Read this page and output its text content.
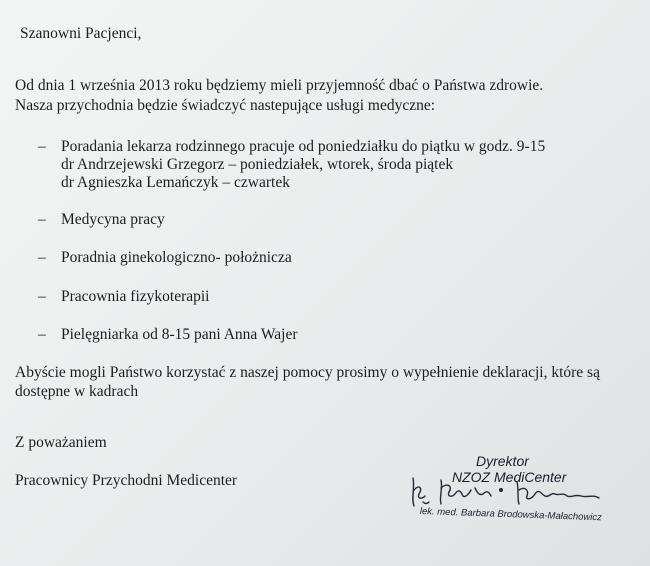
Szanowni Pacjenci,
Od dnia 1 września 2013 roku będziemy mieli przyjemność dbać o Państwa zdrowie.
Nasza przychodnia będzie świadczyć nastepujące usługi medyczne:
– Poradania lekarza rodzinnego pracuje od poniedziałku do piątku w godz. 9-15
dr Andrzejewski Grzegorz – poniedziałek, wtorek, środa piątek
dr Agnieszka Lemańczyk – czwartek
– Medycyna pracy
– Poradnia ginekologiczno- położnicza
– Pracownia fizykoterapii
– Pielęgniarka od 8-15 pani Anna Wajer
Abyście mogli Państwo korzystać z naszej pomocy prosimy o wypełnienie deklaracji, które są
dostępne w kadrach
Z poważaniem
Pracownicy Przychodni Medicenter
Dyrektor
NZOZ MediCenter
lek. med. Barbara Brodowska-Małachowicz
